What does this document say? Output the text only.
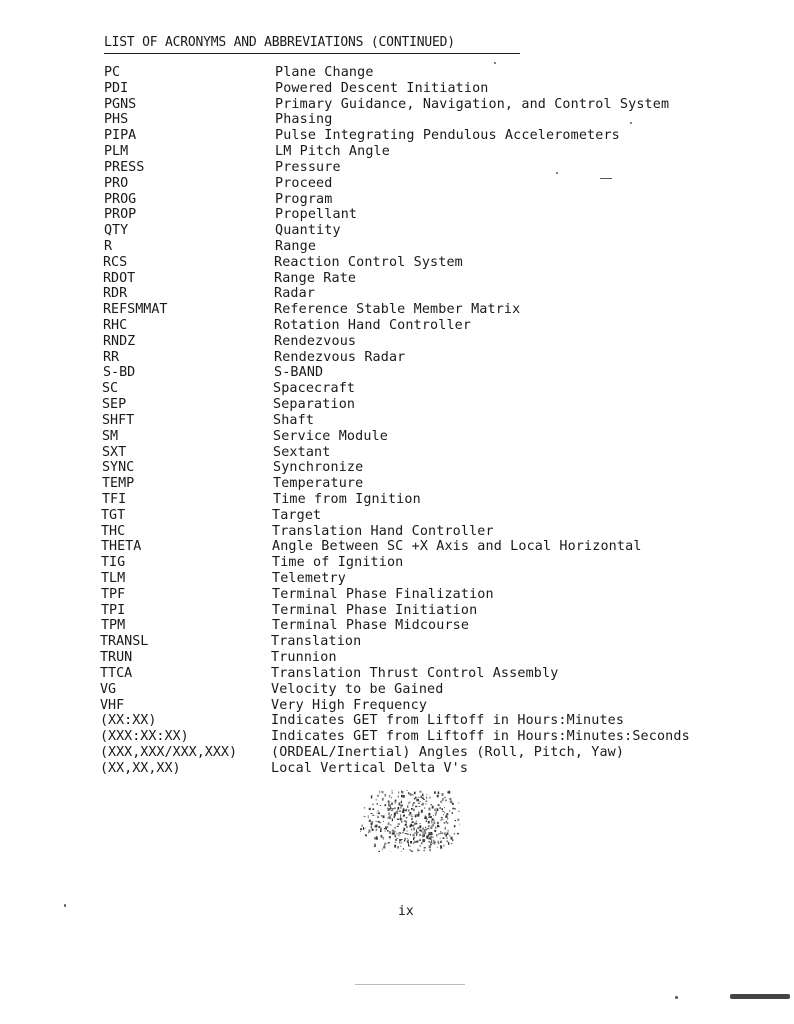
LIST OF ACRONYMS AND ABBREVIATIONS (CONTINUED)
PC	Plane Change
PDI	Powered Descent Initiation
PGNS	Primary Guidance, Navigation, and Control System
PHS	Phasing
PIPA	Pulse Integrating Pendulous Accelerometers
PLM	LM Pitch Angle
PRESS	Pressure
PRO	Proceed
PROG	Program
PROP	Propellant
QTY	Quantity
R	Range
RCS	Reaction Control System
RDOT	Range Rate
RDR	Radar
REFSMMAT	Reference Stable Member Matrix
RHC	Rotation Hand Controller
RNDZ	Rendezvous
RR	Rendezvous Radar
S-BD	S-BAND
SC	Spacecraft
SEP	Separation
SHFT	Shaft
SM	Service Module
SXT	Sextant
SYNC	Synchronize
TEMP	Temperature
TFI	Time from Ignition
TGT	Target
THC	Translation Hand Controller
THETA	Angle Between SC +X Axis and Local Horizontal
TIG	Time of Ignition
TLM	Telemetry
TPF	Terminal Phase Finalization
TPI	Terminal Phase Initiation
TPM	Terminal Phase Midcourse
TRANSL	Translation
TRUN	Trunnion
TTCA	Translation Thrust Control Assembly
VG	Velocity to be Gained
VHF	Very High Frequency
(XX:XX)	Indicates GET from Liftoff in Hours:Minutes
(XXX:XX:XX)	Indicates GET from Liftoff in Hours:Minutes:Seconds
(XXX,XXX/XXX,XXX)	(ORDEAL/Inertial) Angles (Roll, Pitch, Yaw)
(XX,XX,XX)	Local Vertical Delta V's
ix
